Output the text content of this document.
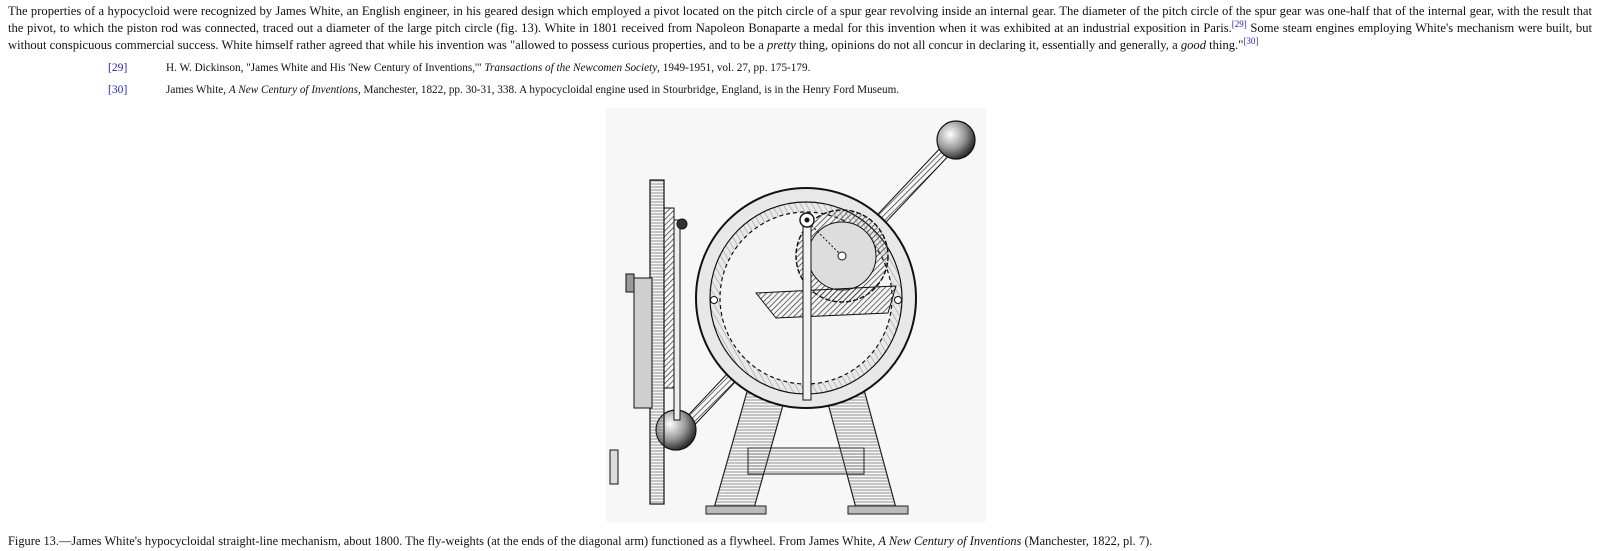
The properties of a hypocycloid were recognized by James White, an English engineer, in his geared design which employed a pivot located on the pitch circle of a spur gear revolving inside an internal gear. The diameter of the pitch circle of the spur gear was one-half that of the internal gear, with the result that the pivot, to which the piston rod was connected, traced out a diameter of the large pitch circle (fig. 13). White in 1801 received from Napoleon Bonaparte a medal for this invention when it was exhibited at an industrial exposition in Paris.[29] Some steam engines employing White's mechanism were built, but without conspicuous commercial success. White himself rather agreed that while his invention was "allowed to possess curious properties, and to be a pretty thing, opinions do not all concur in declaring it, essentially and generally, a good thing."[30]

[29]	H. W. Dickinson, "James White and His 'New Century of Inventions,'" Transactions of the Newcomen Society, 1949-1951, vol. 27, pp. 175-179.
[30]	James White, A New Century of Inventions, Manchester, 1822, pp. 30-31, 338. A hypocycloidal engine used in Stourbridge, England, is in the Henry Ford Museum.
Figure 13.—James White's hypocycloidal straight-line mechanism, about 1800. The fly-weights (at the ends of the diagonal arm) functioned as a flywheel. From James White, A New Century of Inventions (Manchester, 1822, pl. 7).
